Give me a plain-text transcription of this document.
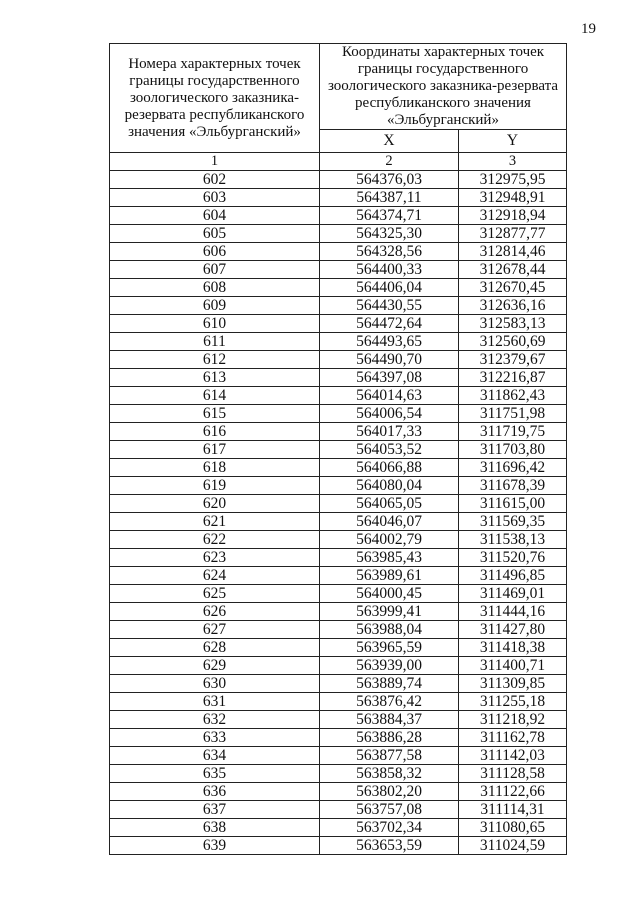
19
Номера характерных точек границы государственного зоологического заказника-резервата республиканского значения «Эльбурганский»	Координаты характерных точек границы государственного зоологического заказника-резервата республиканского значения «Эльбурганский»	
	X	Y
1	2	3
602	564376,03	312975,95
603	564387,11	312948,91
604	564374,71	312918,94
605	564325,30	312877,77
606	564328,56	312814,46
607	564400,33	312678,44
608	564406,04	312670,45
609	564430,55	312636,16
610	564472,64	312583,13
611	564493,65	312560,69
612	564490,70	312379,67
613	564397,08	312216,87
614	564014,63	311862,43
615	564006,54	311751,98
616	564017,33	311719,75
617	564053,52	311703,80
618	564066,88	311696,42
619	564080,04	311678,39
620	564065,05	311615,00
621	564046,07	311569,35
622	564002,79	311538,13
623	563985,43	311520,76
624	563989,61	311496,85
625	564000,45	311469,01
626	563999,41	311444,16
627	563988,04	311427,80
628	563965,59	311418,38
629	563939,00	311400,71
630	563889,74	311309,85
631	563876,42	311255,18
632	563884,37	311218,92
633	563886,28	311162,78
634	563877,58	311142,03
635	563858,32	311128,58
636	563802,20	311122,66
637	563757,08	311114,31
638	563702,34	311080,65
639	563653,59	311024,59
